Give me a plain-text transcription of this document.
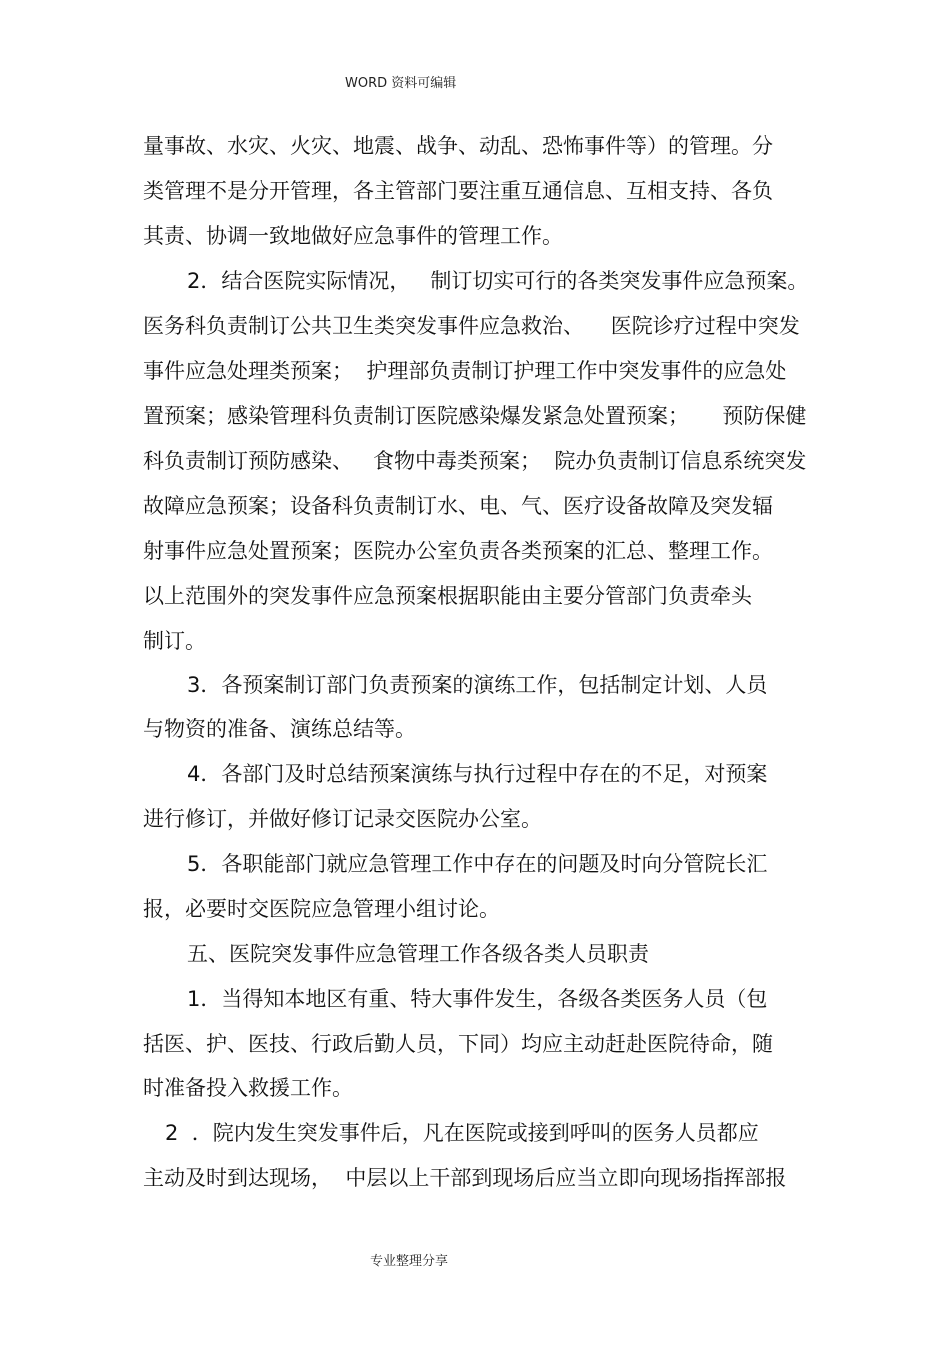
WORD 资料可编辑
量事故、水灾、火灾、地震、战争、动乱、恐怖事件等）的管理。分
类管理不是分开管理，各主管部门要注重互通信息、互相支持、各负
其责、协调一致地做好应急事件的管理工作。
2．结合医院实际情况，   制订切实可行的各类突发事件应急预案。
医务科负责制订公共卫生类突发事件应急救治、    医院诊疗过程中突发
事件应急处理类预案；  护理部负责制订护理工作中突发事件的应急处
置预案；感染管理科负责制订医院感染爆发紧急处置预案；     预防保健
科负责制订预防感染、   食物中毒类预案；  院办负责制订信息系统突发
故障应急预案；设备科负责制订水、电、气、医疗设备故障及突发辐
射事件应急处置预案；医院办公室负责各类预案的汇总、整理工作。
以上范围外的突发事件应急预案根据职能由主要分管部门负责牵头
制订。
3．各预案制订部门负责预案的演练工作，包括制定计划、人员
与物资的准备、演练总结等。
4．各部门及时总结预案演练与执行过程中存在的不足，对预案
进行修订，并做好修订记录交医院办公室。
5．各职能部门就应急管理工作中存在的问题及时向分管院长汇
报，必要时交医院应急管理小组讨论。
五、医院突发事件应急管理工作各级各类人员职责
1．当得知本地区有重、特大事件发生，各级各类医务人员（包
括医、护、医技、行政后勤人员，下同）均应主动赶赴医院待命，随
时准备投入救援工作。
2  ．院内发生突发事件后，凡在医院或接到呼叫的医务人员都应
主动及时到达现场，  中层以上干部到现场后应当立即向现场指挥部报
专业整理分享
